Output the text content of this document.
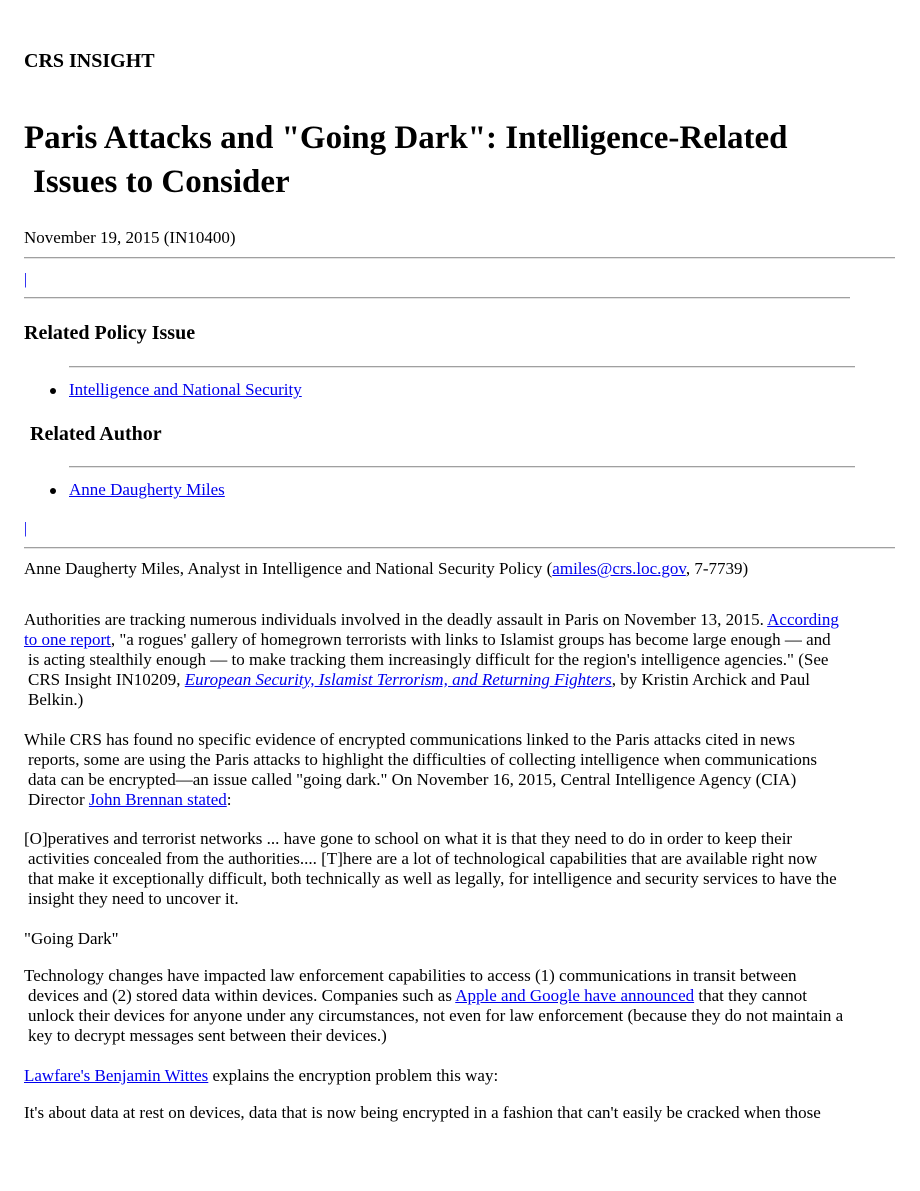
CRS INSIGHT
Paris Attacks and "Going Dark": Intelligence-Related
Issues to Consider
November 19, 2015 (IN10400)
|
Related Policy Issue
Intelligence and National Security
Related Author
Anne Daugherty Miles
|
Anne Daugherty Miles, Analyst in Intelligence and National Security Policy (amiles@crs.loc.gov, 7-7739)
Authorities are tracking numerous individuals involved in the deadly assault in Paris on November 13, 2015. According
to one report, "a rogues' gallery of homegrown terrorists with links to Islamist groups has become large enough — and
is acting stealthily enough — to make tracking them increasingly difficult for the region's intelligence agencies." (See
CRS Insight IN10209, European Security, Islamist Terrorism, and Returning Fighters, by Kristin Archick and Paul
Belkin.)
While CRS has found no specific evidence of encrypted communications linked to the Paris attacks cited in news
reports, some are using the Paris attacks to highlight the difficulties of collecting intelligence when communications
data can be encrypted—an issue called "going dark." On November 16, 2015, Central Intelligence Agency (CIA)
Director John Brennan stated:
[O]peratives and terrorist networks ... have gone to school on what it is that they need to do in order to keep their
activities concealed from the authorities.... [T]here are a lot of technological capabilities that are available right now
that make it exceptionally difficult, both technically as well as legally, for intelligence and security services to have the
insight they need to uncover it.
"Going Dark"
Technology changes have impacted law enforcement capabilities to access (1) communications in transit between
devices and (2) stored data within devices. Companies such as Apple and Google have announced that they cannot
unlock their devices for anyone under any circumstances, not even for law enforcement (because they do not maintain a
key to decrypt messages sent between their devices.)
Lawfare's Benjamin Wittes explains the encryption problem this way:
It's about data at rest on devices, data that is now being encrypted in a fashion that can't easily be cracked when those
